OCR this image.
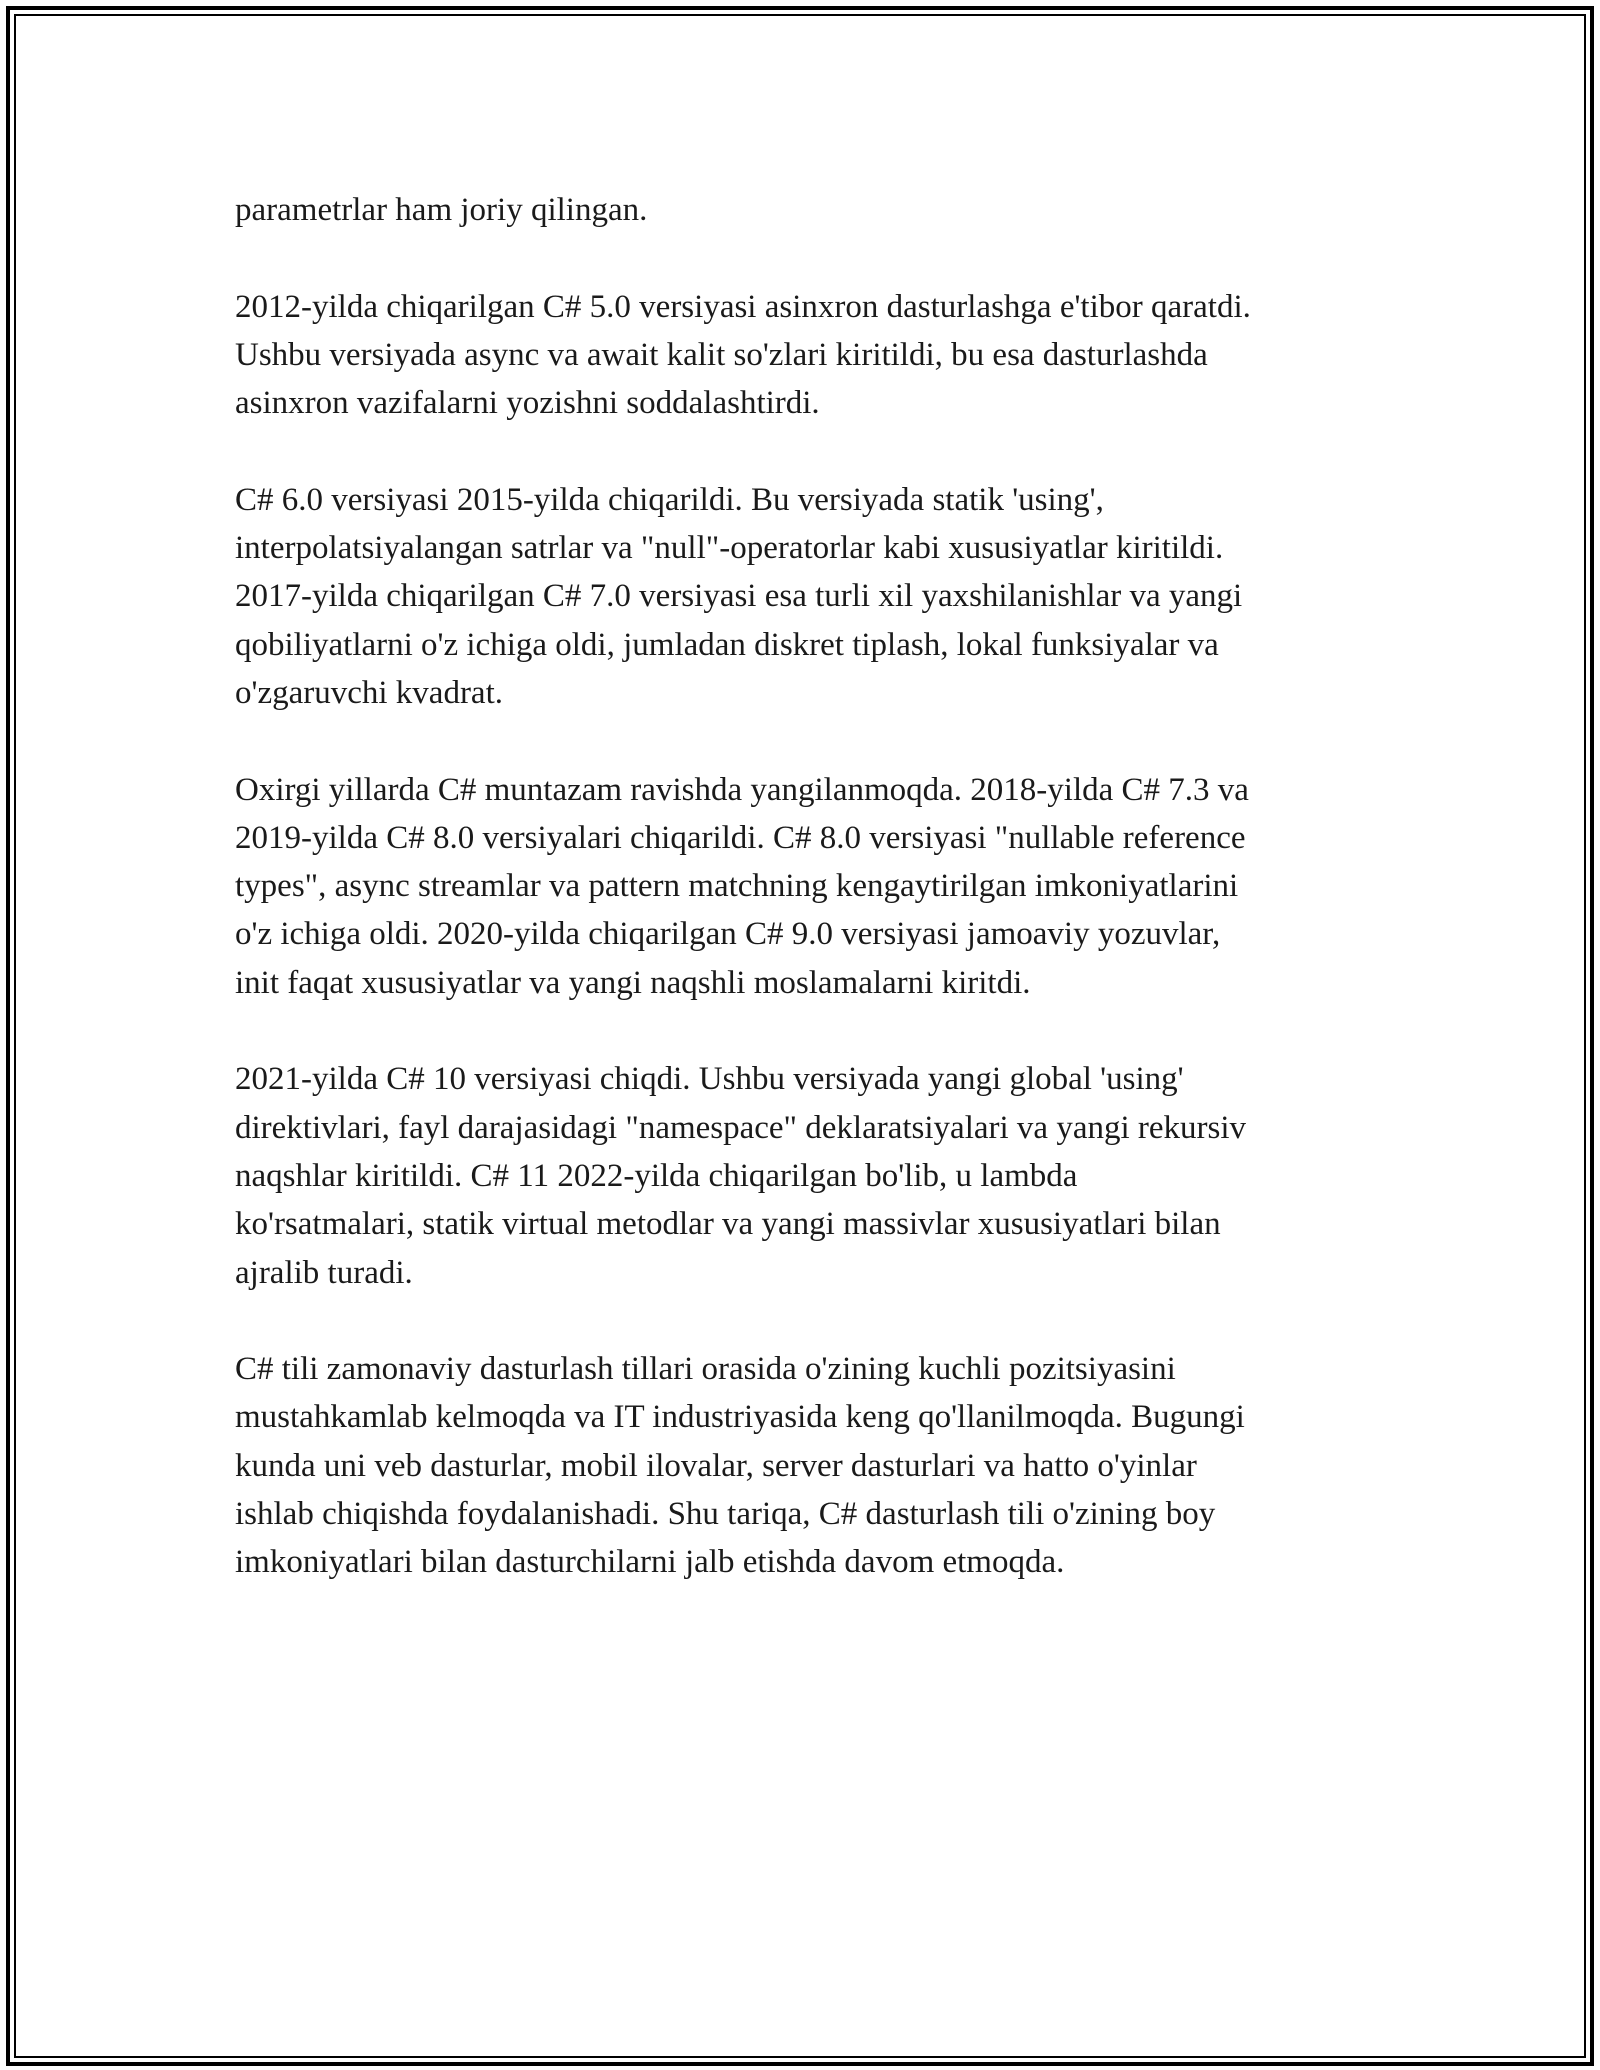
parametrlar ham joriy qilingan.

2012-yilda chiqarilgan C# 5.0 versiyasi asinxron dasturlashga e'tibor qaratdi.
Ushbu versiyada async va await kalit so'zlari kiritildi, bu esa dasturlashda
asinxron vazifalarni yozishni soddalashtirdi.

C# 6.0 versiyasi 2015-yilda chiqarildi. Bu versiyada statik 'using',
interpolatsiyalangan satrlar va "null"-operatorlar kabi xususiyatlar kiritildi.
2017-yilda chiqarilgan C# 7.0 versiyasi esa turli xil yaxshilanishlar va yangi
qobiliyatlarni o'z ichiga oldi, jumladan diskret tiplash, lokal funksiyalar va
o'zgaruvchi kvadrat.

Oxirgi yillarda C# muntazam ravishda yangilanmoqda. 2018-yilda C# 7.3 va
2019-yilda C# 8.0 versiyalari chiqarildi. C# 8.0 versiyasi "nullable reference
types", async streamlar va pattern matchning kengaytirilgan imkoniyatlarini
o'z ichiga oldi. 2020-yilda chiqarilgan C# 9.0 versiyasi jamoaviy yozuvlar,
init faqat xususiyatlar va yangi naqshli moslamalarni kiritdi.

2021-yilda C# 10 versiyasi chiqdi. Ushbu versiyada yangi global 'using'
direktivlari, fayl darajasidagi "namespace" deklaratsiyalari va yangi rekursiv
naqshlar kiritildi. C# 11 2022-yilda chiqarilgan bo'lib, u lambda
ko'rsatmalari, statik virtual metodlar va yangi massivlar xususiyatlari bilan
ajralib turadi.

C# tili zamonaviy dasturlash tillari orasida o'zining kuchli pozitsiyasini
mustahkamlab kelmoqda va IT industriyasida keng qo'llanilmoqda. Bugungi
kunda uni veb dasturlar, mobil ilovalar, server dasturlari va hatto o'yinlar
ishlab chiqishda foydalanishadi. Shu tariqa, C# dasturlash tili o'zining boy
imkoniyatlari bilan dasturchilarni jalb etishda davom etmoqda.
